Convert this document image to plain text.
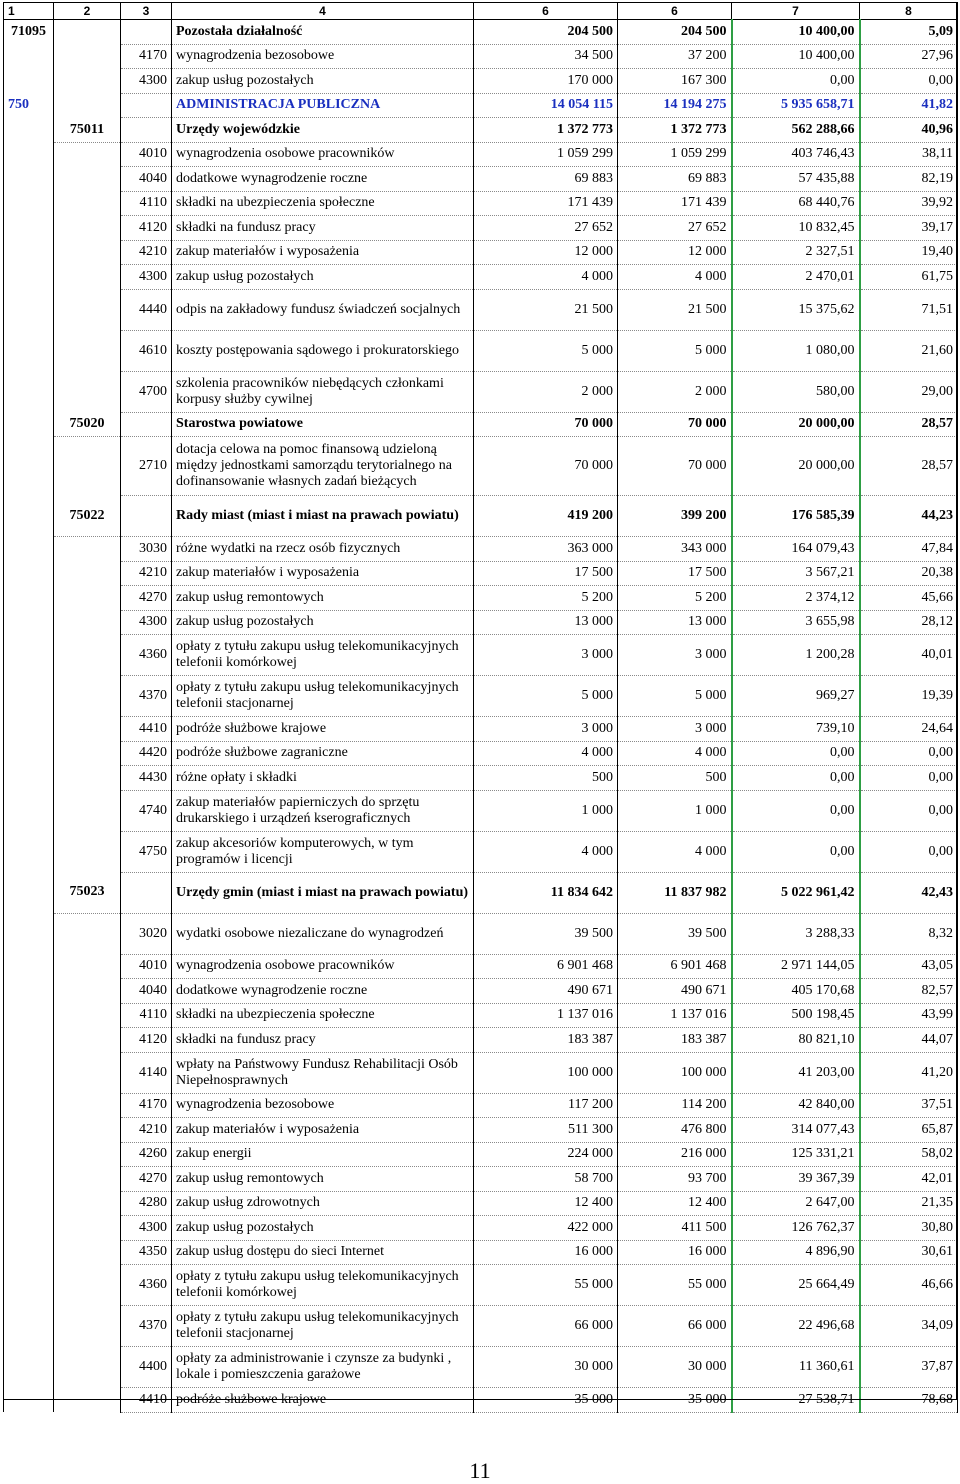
1	2	3	4	6	6	7	8
71095			Pozostała działalność	204 500	204 500	10 400,00	5,09
		4170	wynagrodzenia bezosobowe	34 500	37 200	10 400,00	27,96
		4300	zakup usług pozostałych	170 000	167 300	0,00	0,00
750			ADMINISTRACJA PUBLICZNA	14 054 115	14 194 275	5 935 658,71	41,82
	75011		Urzędy wojewódzkie	1 372 773	1 372 773	562 288,66	40,96
		4010	wynagrodzenia osobowe pracowników	1 059 299	1 059 299	403 746,43	38,11
		4040	dodatkowe wynagrodzenie roczne	69 883	69 883	57 435,88	82,19
		4110	składki na ubezpieczenia społeczne	171 439	171 439	68 440,76	39,92
		4120	składki na fundusz pracy	27 652	27 652	10 832,45	39,17
		4210	zakup materiałów i wyposażenia	12 000	12 000	2 327,51	19,40
		4300	zakup usług pozostałych	4 000	4 000	2 470,01	61,75
		4440	odpis na zakładowy fundusz świadczeń socjalnych	21 500	21 500	15 375,62	71,51
		4610	koszty postępowania sądowego i prokuratorskiego	5 000	5 000	1 080,00	21,60
		4700	szkolenia pracowników niebędących członkami korpusy służby cywilnej	2 000	2 000	580,00	29,00
	75020		Starostwa powiatowe	70 000	70 000	20 000,00	28,57
		2710	dotacja celowa na pomoc finansową udzieloną między jednostkami samorządu terytorialnego na dofinansowanie własnych zadań bieżących	70 000	70 000	20 000,00	28,57
	75022		Rady miast (miast i miast na prawach powiatu)	419 200	399 200	176 585,39	44,23
		3030	różne wydatki na rzecz osób fizycznych	363 000	343 000	164 079,43	47,84
		4210	zakup materiałów i wyposażenia	17 500	17 500	3 567,21	20,38
		4270	zakup usług remontowych	5 200	5 200	2 374,12	45,66
		4300	zakup usług pozostałych	13 000	13 000	3 655,98	28,12
		4360	opłaty z tytułu zakupu usług telekomunikacyjnych telefonii komórkowej	3 000	3 000	1 200,28	40,01
		4370	opłaty z tytułu zakupu usług telekomunikacyjnych telefonii stacjonarnej	5 000	5 000	969,27	19,39
		4410	podróże służbowe krajowe	3 000	3 000	739,10	24,64
		4420	podróże służbowe zagraniczne	4 000	4 000	0,00	0,00
		4430	różne opłaty i składki	500	500	0,00	0,00
		4740	zakup materiałów papierniczych do sprzętu drukarskiego i urządzeń kserograficznych	1 000	1 000	0,00	0,00
		4750	zakup akcesoriów komputerowych, w tym programów i licencji	4 000	4 000	0,00	0,00
	75023		Urzędy gmin (miast i miast na prawach powiatu)	11 834 642	11 837 982	5 022 961,42	42,43
		3020	wydatki osobowe niezaliczane do wynagrodzeń	39 500	39 500	3 288,33	8,32
		4010	wynagrodzenia osobowe pracowników	6 901 468	6 901 468	2 971 144,05	43,05
		4040	dodatkowe wynagrodzenie roczne	490 671	490 671	405 170,68	82,57
		4110	składki na ubezpieczenia społeczne	1 137 016	1 137 016	500 198,45	43,99
		4120	składki na fundusz pracy	183 387	183 387	80 821,10	44,07
		4140	wpłaty na Państwowy Fundusz Rehabilitacji Osób Niepełnosprawnych	100 000	100 000	41 203,00	41,20
		4170	wynagrodzenia bezosobowe	117 200	114 200	42 840,00	37,51
		4210	zakup materiałów i wyposażenia	511 300	476 800	314 077,43	65,87
		4260	zakup energii	224 000	216 000	125 331,21	58,02
		4270	zakup usług remontowych	58 700	93 700	39 367,39	42,01
		4280	zakup usług zdrowotnych	12 400	12 400	2 647,00	21,35
		4300	zakup usług pozostałych	422 000	411 500	126 762,37	30,80
		4350	zakup usług dostępu do sieci Internet	16 000	16 000	4 896,90	30,61
		4360	opłaty z tytułu zakupu usług telekomunikacyjnych telefonii komórkowej	55 000	55 000	25 664,49	46,66
		4370	opłaty z tytułu zakupu usług telekomunikacyjnych telefonii stacjonarnej	66 000	66 000	22 496,68	34,09
		4400	opłaty za administrowanie i czynsze za budynki , lokale i pomieszczenia garażowe	30 000	30 000	11 360,61	37,87
		4410	podróże służbowe krajowe	35 000	35 000	27 538,71	78,68
11
